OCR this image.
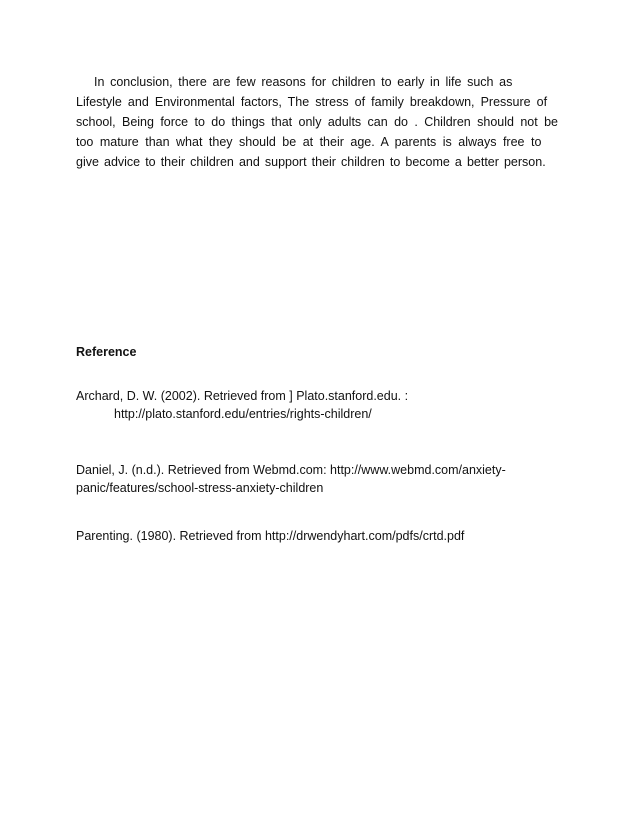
In conclusion, there are few reasons for children to early in life such as

Lifestyle and Environmental factors, The stress of family breakdown, Pressure of

school, Being force to do things that only adults can do . Children should not be

too mature than what they should be at their age. A parents is always free to

give advice to their children and support their children to become a better person.

Reference

Archard, D. W. (2002). Retrieved from ] Plato.stanford.edu. :

http://plato.stanford.edu/entries/rights-children/

Daniel, J. (n.d.). Retrieved from Webmd.com: http://www.webmd.com/anxiety-

panic/features/school-stress-anxiety-children

Parenting. (1980). Retrieved from http://drwendyhart.com/pdfs/crtd.pdf
